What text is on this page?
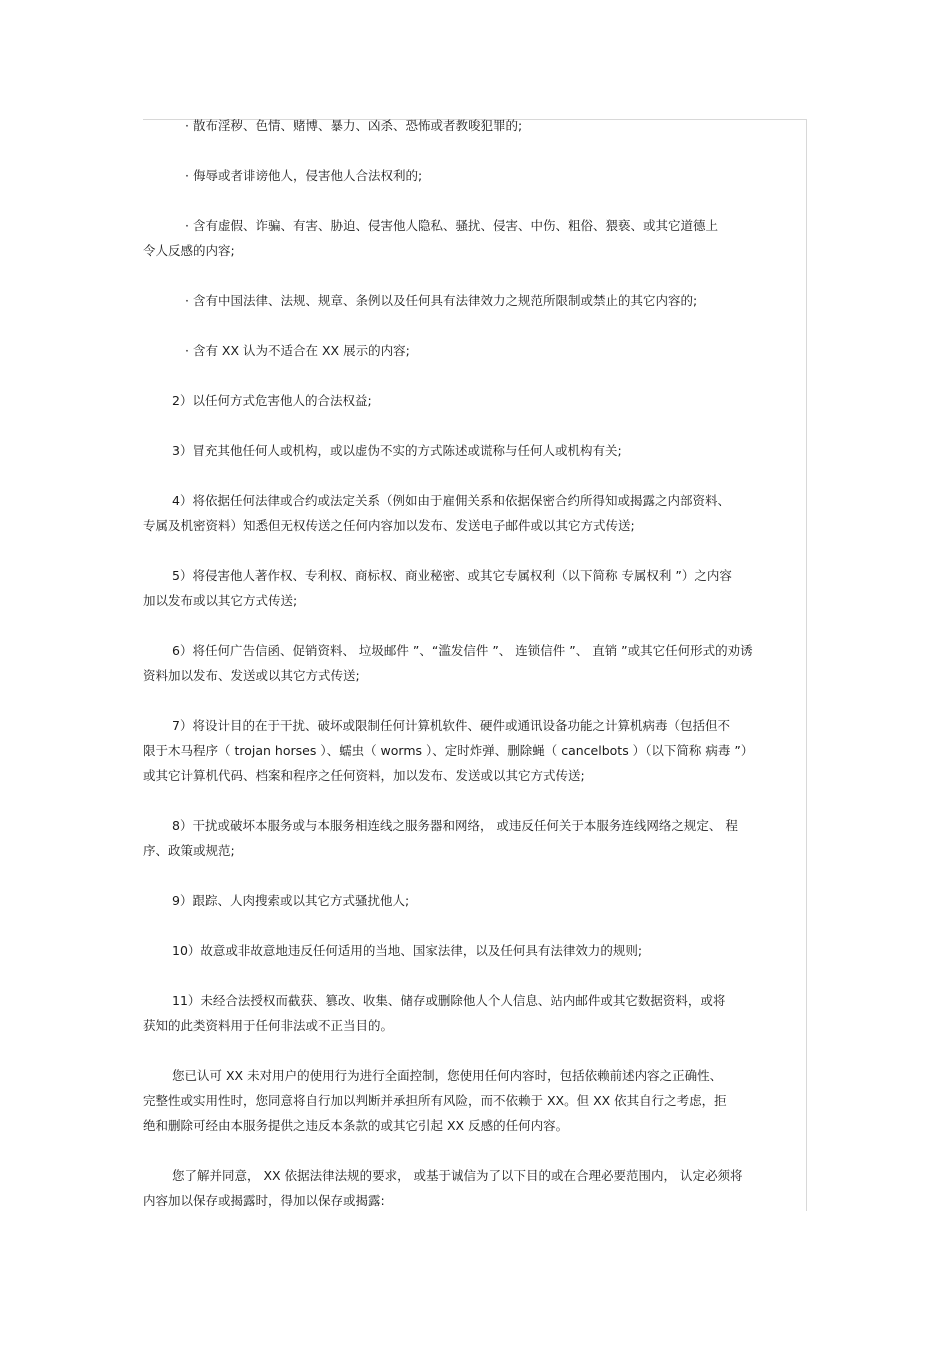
· 散布淫秽、色情、赌博、暴力、凶杀、恐怖或者教唆犯罪的;
· 侮辱或者诽谤他人，侵害他人合法权利的;
· 含有虚假、诈骗、有害、胁迫、侵害他人隐私、骚扰、侵害、中伤、粗俗、猥亵、或其它道德上
令人反感的内容;
· 含有中国法律、法规、规章、条例以及任何具有法律效力之规范所限制或禁止的其它内容的;
· 含有 XX 认为不适合在 XX 展示的内容;
2）以任何方式危害他人的合法权益;
3）冒充其他任何人或机构，或以虚伪不实的方式陈述或谎称与任何人或机构有关;
4）将依据任何法律或合约或法定关系（例如由于雇佣关系和依据保密合约所得知或揭露之内部资料、
专属及机密资料）知悉但无权传送之任何内容加以发布、发送电子邮件或以其它方式传送;
5）将侵害他人著作权、专利权、商标权、商业秘密、或其它专属权利（以下简称 专属权利 ”）之内容
加以发布或以其它方式传送;
6）将任何广告信函、促销资料、 垃圾邮件 ”、“滥发信件 ”、 连锁信件 ”、 直销 ”或其它任何形式的劝诱
资料加以发布、发送或以其它方式传送;
7）将设计目的在于干扰、破坏或限制任何计算机软件、硬件或通讯设备功能之计算机病毒（包括但不
限于木马程序（ trojan horses ）、蠕虫（ worms ）、定时炸弹、删除蝇（ cancelbots ）（以下简称 病毒 ”）
或其它计算机代码、档案和程序之任何资料，加以发布、发送或以其它方式传送;
8）干扰或破坏本服务或与本服务相连线之服务器和网络， 或违反任何关于本服务连线网络之规定、 程
序、政策或规范;
9）跟踪、人肉搜索或以其它方式骚扰他人;
10）故意或非故意地违反任何适用的当地、国家法律，以及任何具有法律效力的规则;
11）未经合法授权而截获、篡改、收集、储存或删除他人个人信息、站内邮件或其它数据资料，或将
获知的此类资料用于任何非法或不正当目的。
您已认可 XX 未对用户的使用行为进行全面控制，您使用任何内容时，包括依赖前述内容之正确性、
完整性或实用性时，您同意将自行加以判断并承担所有风险，而不依赖于 XX。但 XX 依其自行之考虑，拒
绝和删除可经由本服务提供之违反本条款的或其它引起 XX 反感的任何内容。
您了解并同意， XX 依据法律法规的要求， 或基于诚信为了以下目的或在合理必要范围内， 认定必须将
内容加以保存或揭露时，得加以保存或揭露:
